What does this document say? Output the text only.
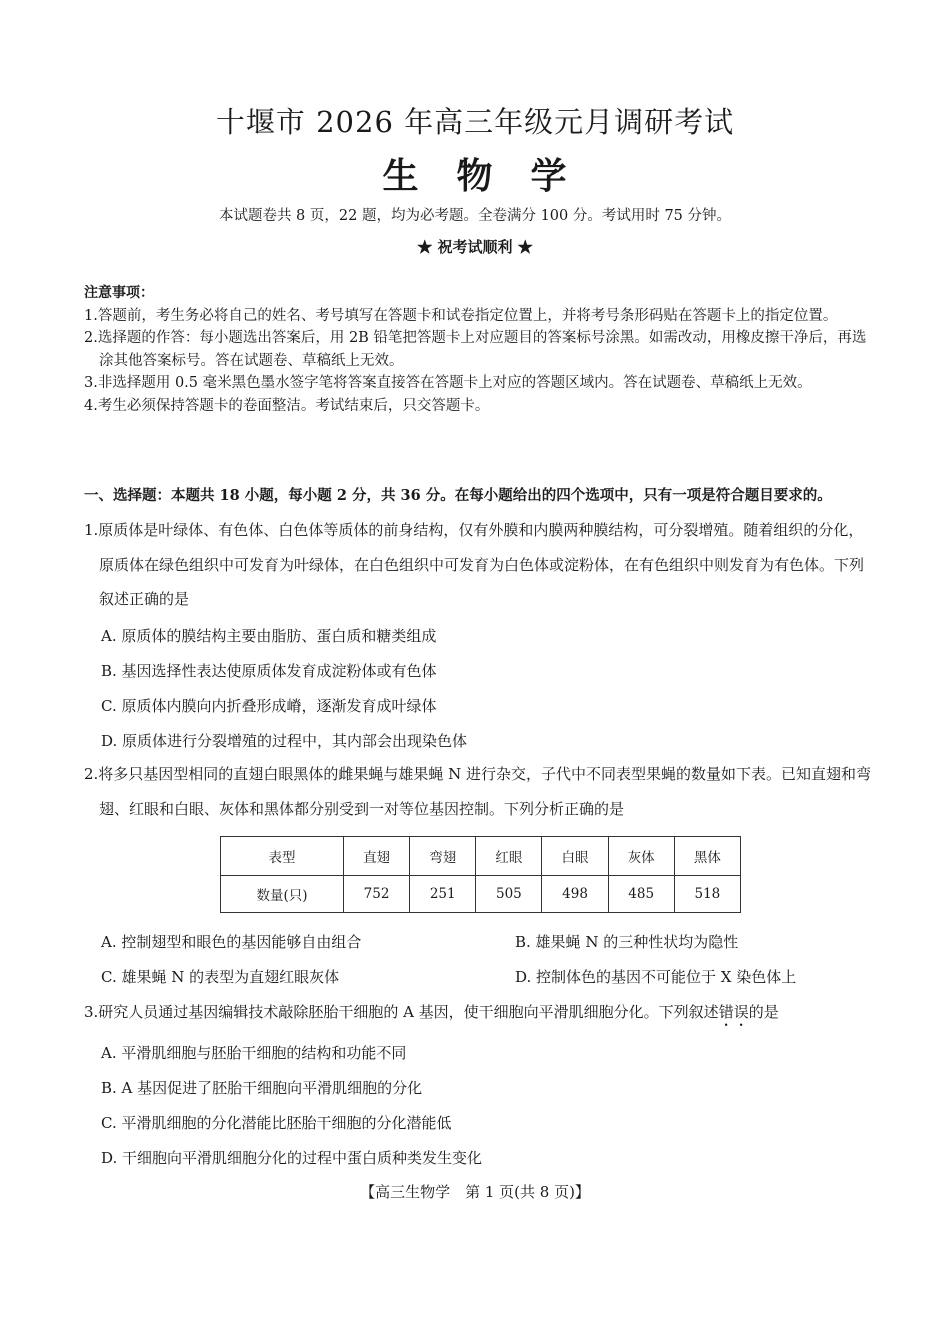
十堰市 2026 年高三年级元月调研考试
生　物　学
本试题卷共 8 页，22 题，均为必考题。全卷满分 100 分。考试用时 75 分钟。
★ 祝考试顺利 ★
注意事项：
1.答题前，考生务必将自己的姓名、考号填写在答题卡和试卷指定位置上，并将考号条形码贴在答题卡上的指定位置。
2.选择题的作答：每小题选出答案后，用 2B 铅笔把答题卡上对应题目的答案标号涂黑。如需改动，用橡皮擦干净后，再选涂其他答案标号。答在试题卷、草稿纸上无效。
3.非选择题用 0.5 毫米黑色墨水签字笔将答案直接答在答题卡上对应的答题区域内。答在试题卷、草稿纸上无效。
4.考生必须保持答题卡的卷面整洁。考试结束后，只交答题卡。
一、选择题：本题共 18 小题，每小题 2 分，共 36 分。在每小题给出的四个选项中，只有一项是符合题目要求的。
1.原质体是叶绿体、有色体、白色体等质体的前身结构，仅有外膜和内膜两种膜结构，可分裂增殖。随着组织的分化，原质体在绿色组织中可发育为叶绿体，在白色组织中可发育为白色体或淀粉体，在有色组织中则发育为有色体。下列叙述正确的是
A. 原质体的膜结构主要由脂肪、蛋白质和糖类组成
B. 基因选择性表达使原质体发育成淀粉体或有色体
C. 原质体内膜向内折叠形成嵴，逐渐发育成叶绿体
D. 原质体进行分裂增殖的过程中，其内部会出现染色体
2.将多只基因型相同的直翅白眼黑体的雌果蝇与雄果蝇 N 进行杂交，子代中不同表型果蝇的数量如下表。已知直翅和弯翅、红眼和白眼、灰体和黑体都分别受到一对等位基因控制。下列分析正确的是
表型	直翅	弯翅	红眼	白眼	灰体	黑体
数量(只)	752	251	505	498	485	518
A. 控制翅型和眼色的基因能够自由组合	B. 雄果蝇 N 的三种性状均为隐性
C. 雄果蝇 N 的表型为直翅红眼灰体	D. 控制体色的基因不可能位于 X 染色体上
3.研究人员通过基因编辑技术敲除胚胎干细胞的 A 基因，使干细胞向平滑肌细胞分化。下列叙述错误的是
A. 平滑肌细胞与胚胎干细胞的结构和功能不同
B. A 基因促进了胚胎干细胞向平滑肌细胞的分化
C. 平滑肌细胞的分化潜能比胚胎干细胞的分化潜能低
D. 干细胞向平滑肌细胞分化的过程中蛋白质种类发生变化
【高三生物学　第 1 页(共 8 页)】
